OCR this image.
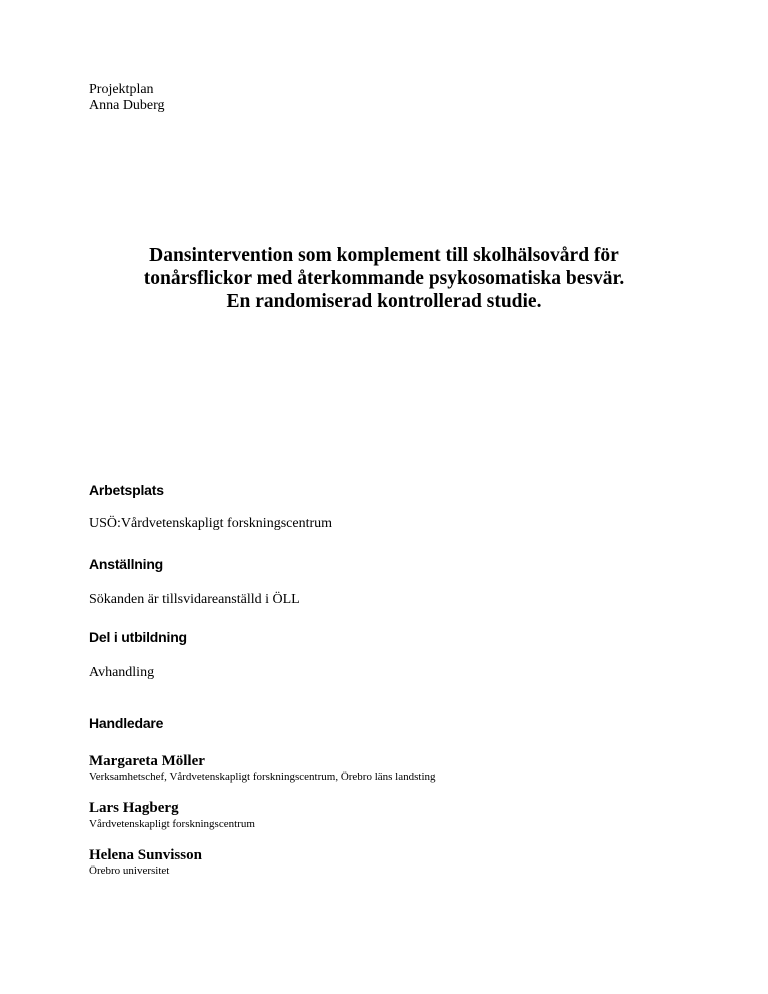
Projektplan
Anna Duberg
Dansintervention som komplement till skolhälsovård för
tonårsflickor med återkommande psykosomatiska besvär.
En randomiserad kontrollerad studie.
Arbetsplats
USÖ:Vårdvetenskapligt forskningscentrum
Anställning
Sökanden är tillsvidareanställd i ÖLL
Del i utbildning
Avhandling
Handledare
Margareta Möller
Verksamhetschef, Vårdvetenskapligt forskningscentrum, Örebro läns landsting
Lars Hagberg
Vårdvetenskapligt forskningscentrum
Helena Sunvisson
Örebro universitet
